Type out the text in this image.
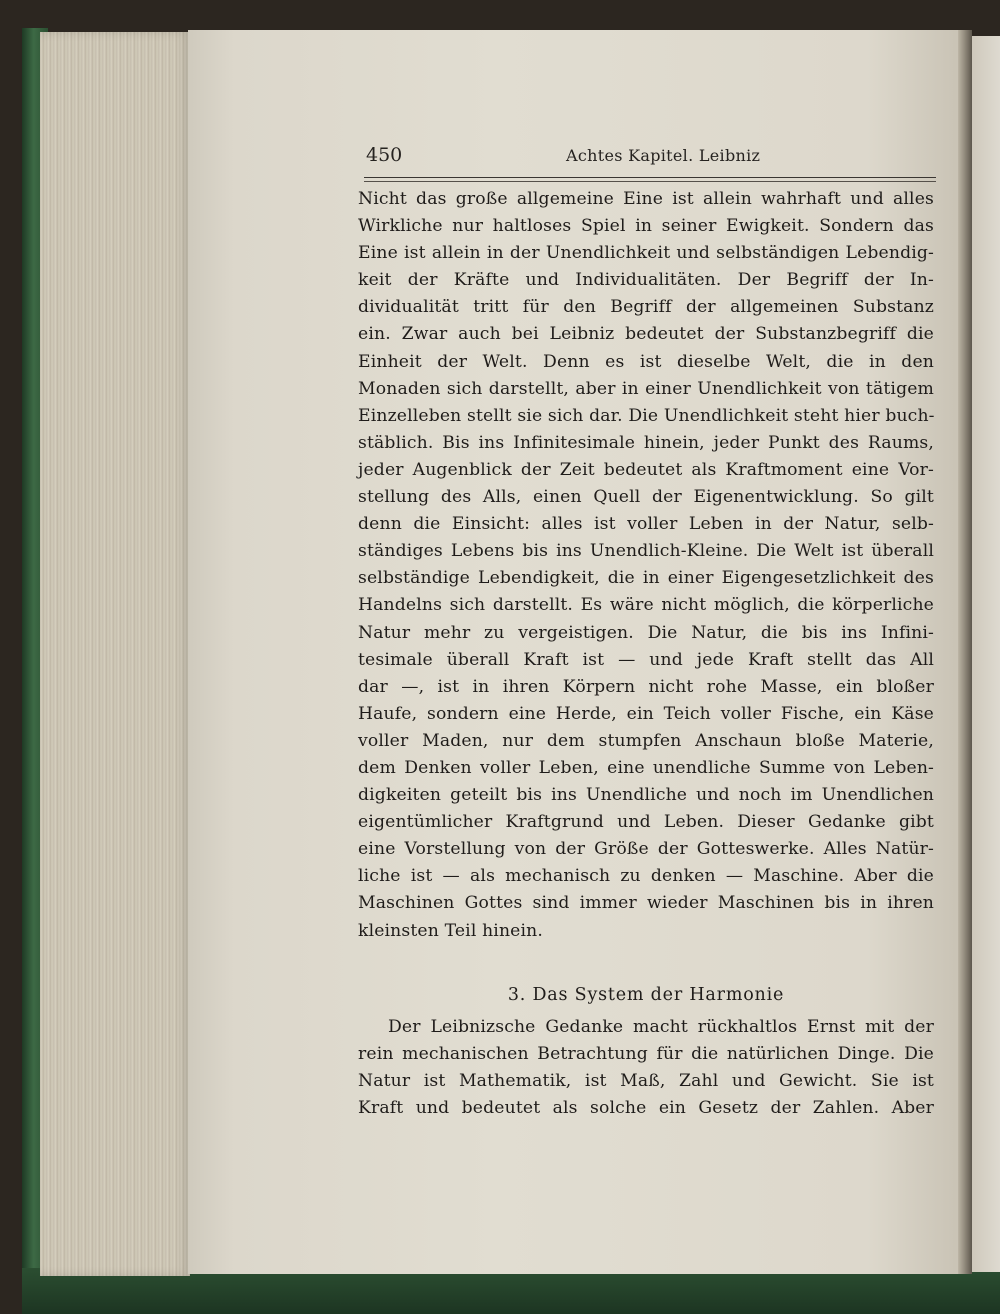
450	Achtes Kapitel. Leibniz
Nicht das große allgemeine Eine ist allein wahrhaft und alles
Wirkliche nur haltloses Spiel in seiner Ewigkeit. Sondern das
Eine ist allein in der Unendlichkeit und selbständigen Lebendig-
keit der Kräfte und Individualitäten. Der Begriff der In-
dividualität tritt für den Begriff der allgemeinen Substanz
ein. Zwar auch bei Leibniz bedeutet der Substanzbegriff die
Einheit der Welt. Denn es ist dieselbe Welt, die in den
Monaden sich darstellt, aber in einer Unendlichkeit von tätigem
Einzelleben stellt sie sich dar. Die Unendlichkeit steht hier buch-
stäblich. Bis ins Infinitesimale hinein, jeder Punkt des Raums,
jeder Augenblick der Zeit bedeutet als Kraftmoment eine Vor-
stellung des Alls, einen Quell der Eigenentwicklung. So gilt
denn die Einsicht: alles ist voller Leben in der Natur, selb-
ständiges Lebens bis ins Unendlich-Kleine. Die Welt ist überall
selbständige Lebendigkeit, die in einer Eigengesetzlichkeit des
Handelns sich darstellt. Es wäre nicht möglich, die körperliche
Natur mehr zu vergeistigen. Die Natur, die bis ins Infini-
tesimale überall Kraft ist — und jede Kraft stellt das All
dar —, ist in ihren Körpern nicht rohe Masse, ein bloßer
Haufe, sondern eine Herde, ein Teich voller Fische, ein Käse
voller Maden, nur dem stumpfen Anschaun bloße Materie,
dem Denken voller Leben, eine unendliche Summe von Leben-
digkeiten geteilt bis ins Unendliche und noch im Unendlichen
eigentümlicher Kraftgrund und Leben. Dieser Gedanke gibt
eine Vorstellung von der Größe der Gotteswerke. Alles Natür-
liche ist — als mechanisch zu denken — Maschine. Aber die
Maschinen Gottes sind immer wieder Maschinen bis in ihren
kleinsten Teil hinein.
3. Das System der Harmonie
Der Leibnizsche Gedanke macht rückhaltlos Ernst mit der
rein mechanischen Betrachtung für die natürlichen Dinge. Die
Natur ist Mathematik, ist Maß, Zahl und Gewicht. Sie ist
Kraft und bedeutet als solche ein Gesetz der Zahlen. Aber
